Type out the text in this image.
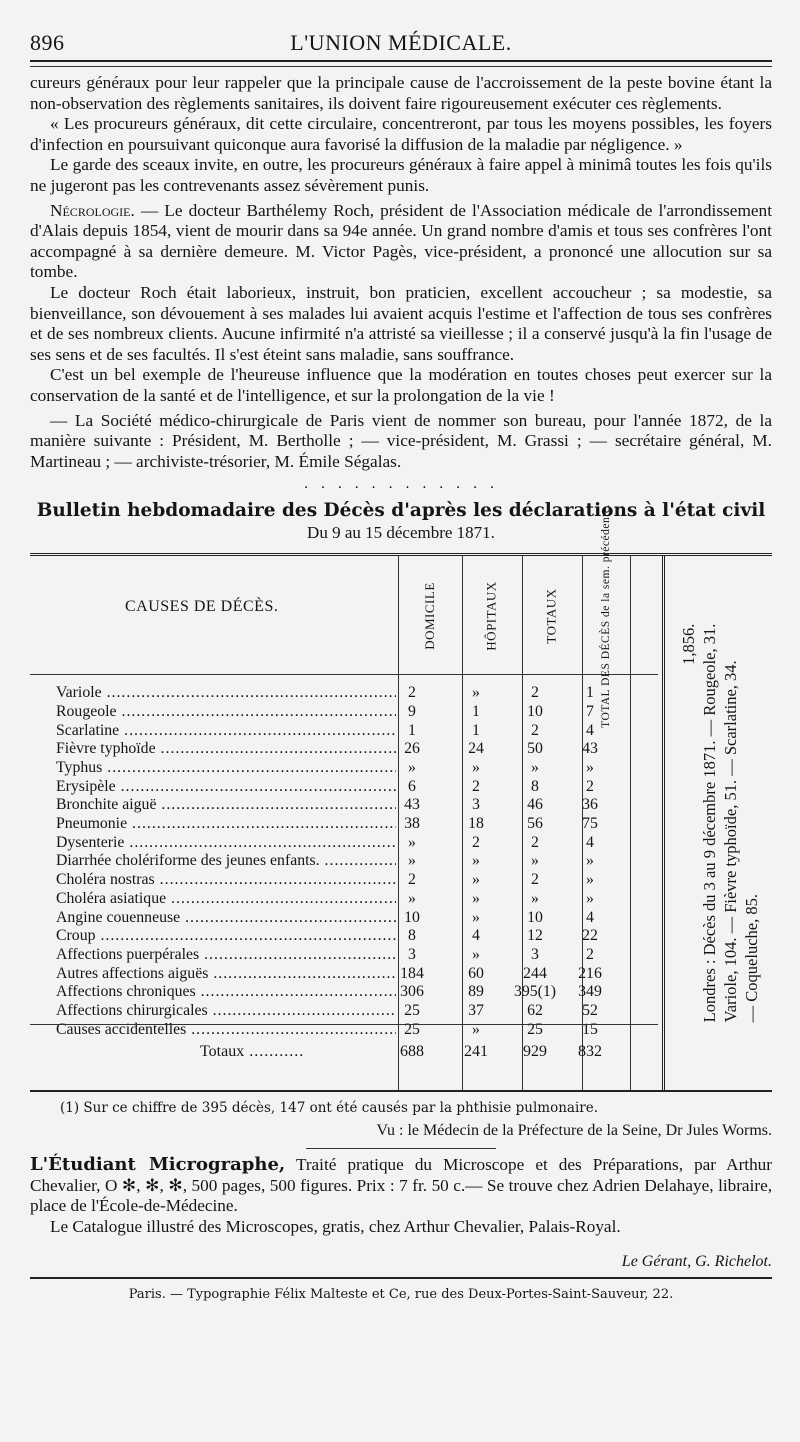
896	L'UNION MÉDICALE.

cureurs généraux pour leur rappeler que la principale cause de l'accroissement de la peste bovine étant la non-observation des règlements sanitaires, ils doivent faire rigoureusement exécuter ces règlements.

« Les procureurs généraux, dit cette circulaire, concentreront, par tous les moyens possibles, les foyers d'infection en poursuivant quiconque aura favorisé la diffusion de la maladie par négligence. »

Le garde des sceaux invite, en outre, les procureurs généraux à faire appel à minimâ toutes les fois qu'ils ne jugeront pas les contrevenants assez sévèrement punis.

Nécrologie. — Le docteur Barthélemy Roch, président de l'Association médicale de l'arrondissement d'Alais depuis 1854, vient de mourir dans sa 94e année. Un grand nombre d'amis et tous ses confrères l'ont accompagné à sa dernière demeure. M. Victor Pagès, vice-président, a prononcé une allocution sur sa tombe.

Le docteur Roch était laborieux, instruit, bon praticien, excellent accoucheur ; sa modestie, sa bienveillance, son dévouement à ses malades lui avaient acquis l'estime et l'affection de tous ses confrères et de ses nombreux clients. Aucune infirmité n'a attristé sa vieillesse ; il a conservé jusqu'à la fin l'usage de ses sens et de ses facultés. Il s'est éteint sans maladie, sans souffrance.

C'est un bel exemple de l'heureuse influence que la modération en toutes choses peut exercer sur la conservation de la santé et de l'intelligence, et sur la prolongation de la vie !

— La Société médico-chirurgicale de Paris vient de nommer son bureau, pour l'année 1872, de la manière suivante : Président, M. Bertholle ; — vice-président, M. Grassi ; — secrétaire général, M. Martineau ; — archiviste-trésorier, M. Émile Ségalas.

. . . . . . . . . . . .
Bulletin hebdomadaire des Décès d'après les déclarations à l'état civil
Du 9 au 15 décembre 1871.
CAUSES DE DÉCÈS.	DOMICILE	HÔPITAUX	TOTAUX	TOTAL DES DÉCÈS de la sem. précédente.
Variole .....	2	»	2	1
Rougeole .....	9	1	10	7
Scarlatine .....	1	1	2	4
Fièvre typhoïde .....	26	24	50	43
Typhus .....	»	»	»	»
Erysipèle .....	6	2	8	2
Bronchite aiguë .....	43	3	46	36
Pneumonie .....	38	18	56	75
Dysenterie .....	»	2	2	4
Diarrhée cholériforme des jeunes enfants. .....	»	»	»	»
Choléra nostras .....	2	»	2	»
Choléra asiatique .....	»	»	»	»
Angine couenneuse .....	10	»	10	4
Croup .....	8	4	12	22
Affections puerpérales .....	3	»	3	2
Autres affections aiguës .....	184	60	244	216
Affections chroniques .....	306	89	395(1)	349
Affections chirurgicales .....	25	37	62	52
Causes accidentelles .....	25	»	25	15
Totaux .....	688	241	929	832
1,856. Londres : Décès du 3 au 9 décembre 1871. — Rougeole, 31. Variole, 104. — Fièvre typhoïde, 51. — Scarlatine, 34. — Coqueluche, 85.
(1) Sur ce chiffre de 395 décès, 147 ont été causés par la phthisie pulmonaire.
Vu : le Médecin de la Préfecture de la Seine, Dr Jules Worms.

L'Étudiant Micrographe, Traité pratique du Microscope et des Préparations, par Arthur Chevalier, O ✻, ✻, ✻, 500 pages, 500 figures. Prix : 7 fr. 50 c.— Se trouve chez Adrien Delahaye, libraire, place de l'École-de-Médecine.

Le Catalogue illustré des Microscopes, gratis, chez Arthur Chevalier, Palais-Royal.

Le Gérant, G. Richelot.
Paris. — Typographie Félix Malteste et Ce, rue des Deux-Portes-Saint-Sauveur, 22.
